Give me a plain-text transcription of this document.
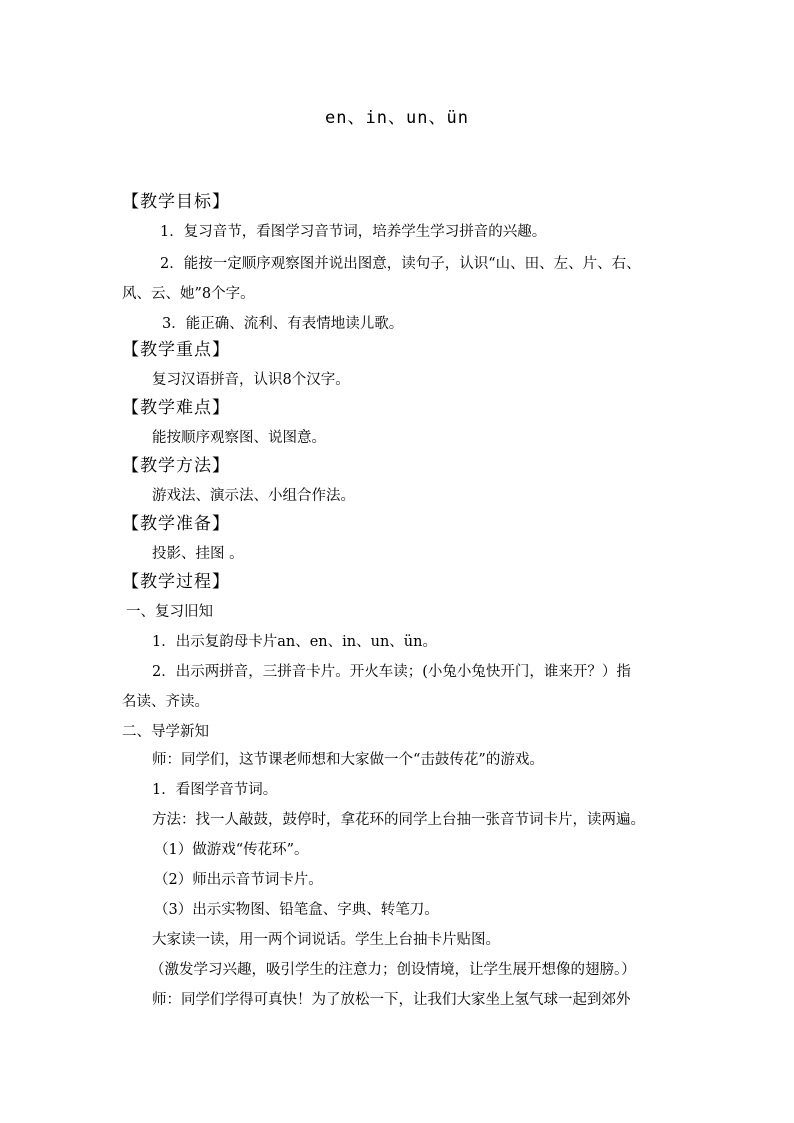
en、in、un、ün
【教学目标】
1．复习音节，看图学习音节词，培养学生学习拼音的兴趣。
2．能按一定顺序观察图并说出图意，读句子，认识“山、田、左、片、右、
风、云、她”8个字。
3．能正确、流利、有表情地读儿歌。
【教学重点】
复习汉语拼音，认识8个汉字。
【教学难点】
能按顺序观察图、说图意。
【教学方法】
游戏法、演示法、小组合作法。
【教学准备】
投影、挂图 。
【教学过程】
一、复习旧知
1．出示复韵母卡片an、en、in、un、ün。
2．出示两拼音，三拼音卡片。开火车读；(小兔小兔快开门，谁来开？）指
名读、齐读。
二、导学新知
师：同学们，这节课老师想和大家做一个“击鼓传花”的游戏。
1．看图学音节词。
方法：找一人敲鼓，鼓停时，拿花环的同学上台抽一张音节词卡片，读两遍。
（1）做游戏“传花环”。
（2）师出示音节词卡片。
（3）出示实物图、铅笔盒、字典、转笔刀。
大家读一读，用一两个词说话。学生上台抽卡片贴图。
（激发学习兴趣，吸引学生的注意力；创设情境，让学生展开想像的翅膀。）
师：同学们学得可真快！为了放松一下，让我们大家坐上氢气球一起到郊外
